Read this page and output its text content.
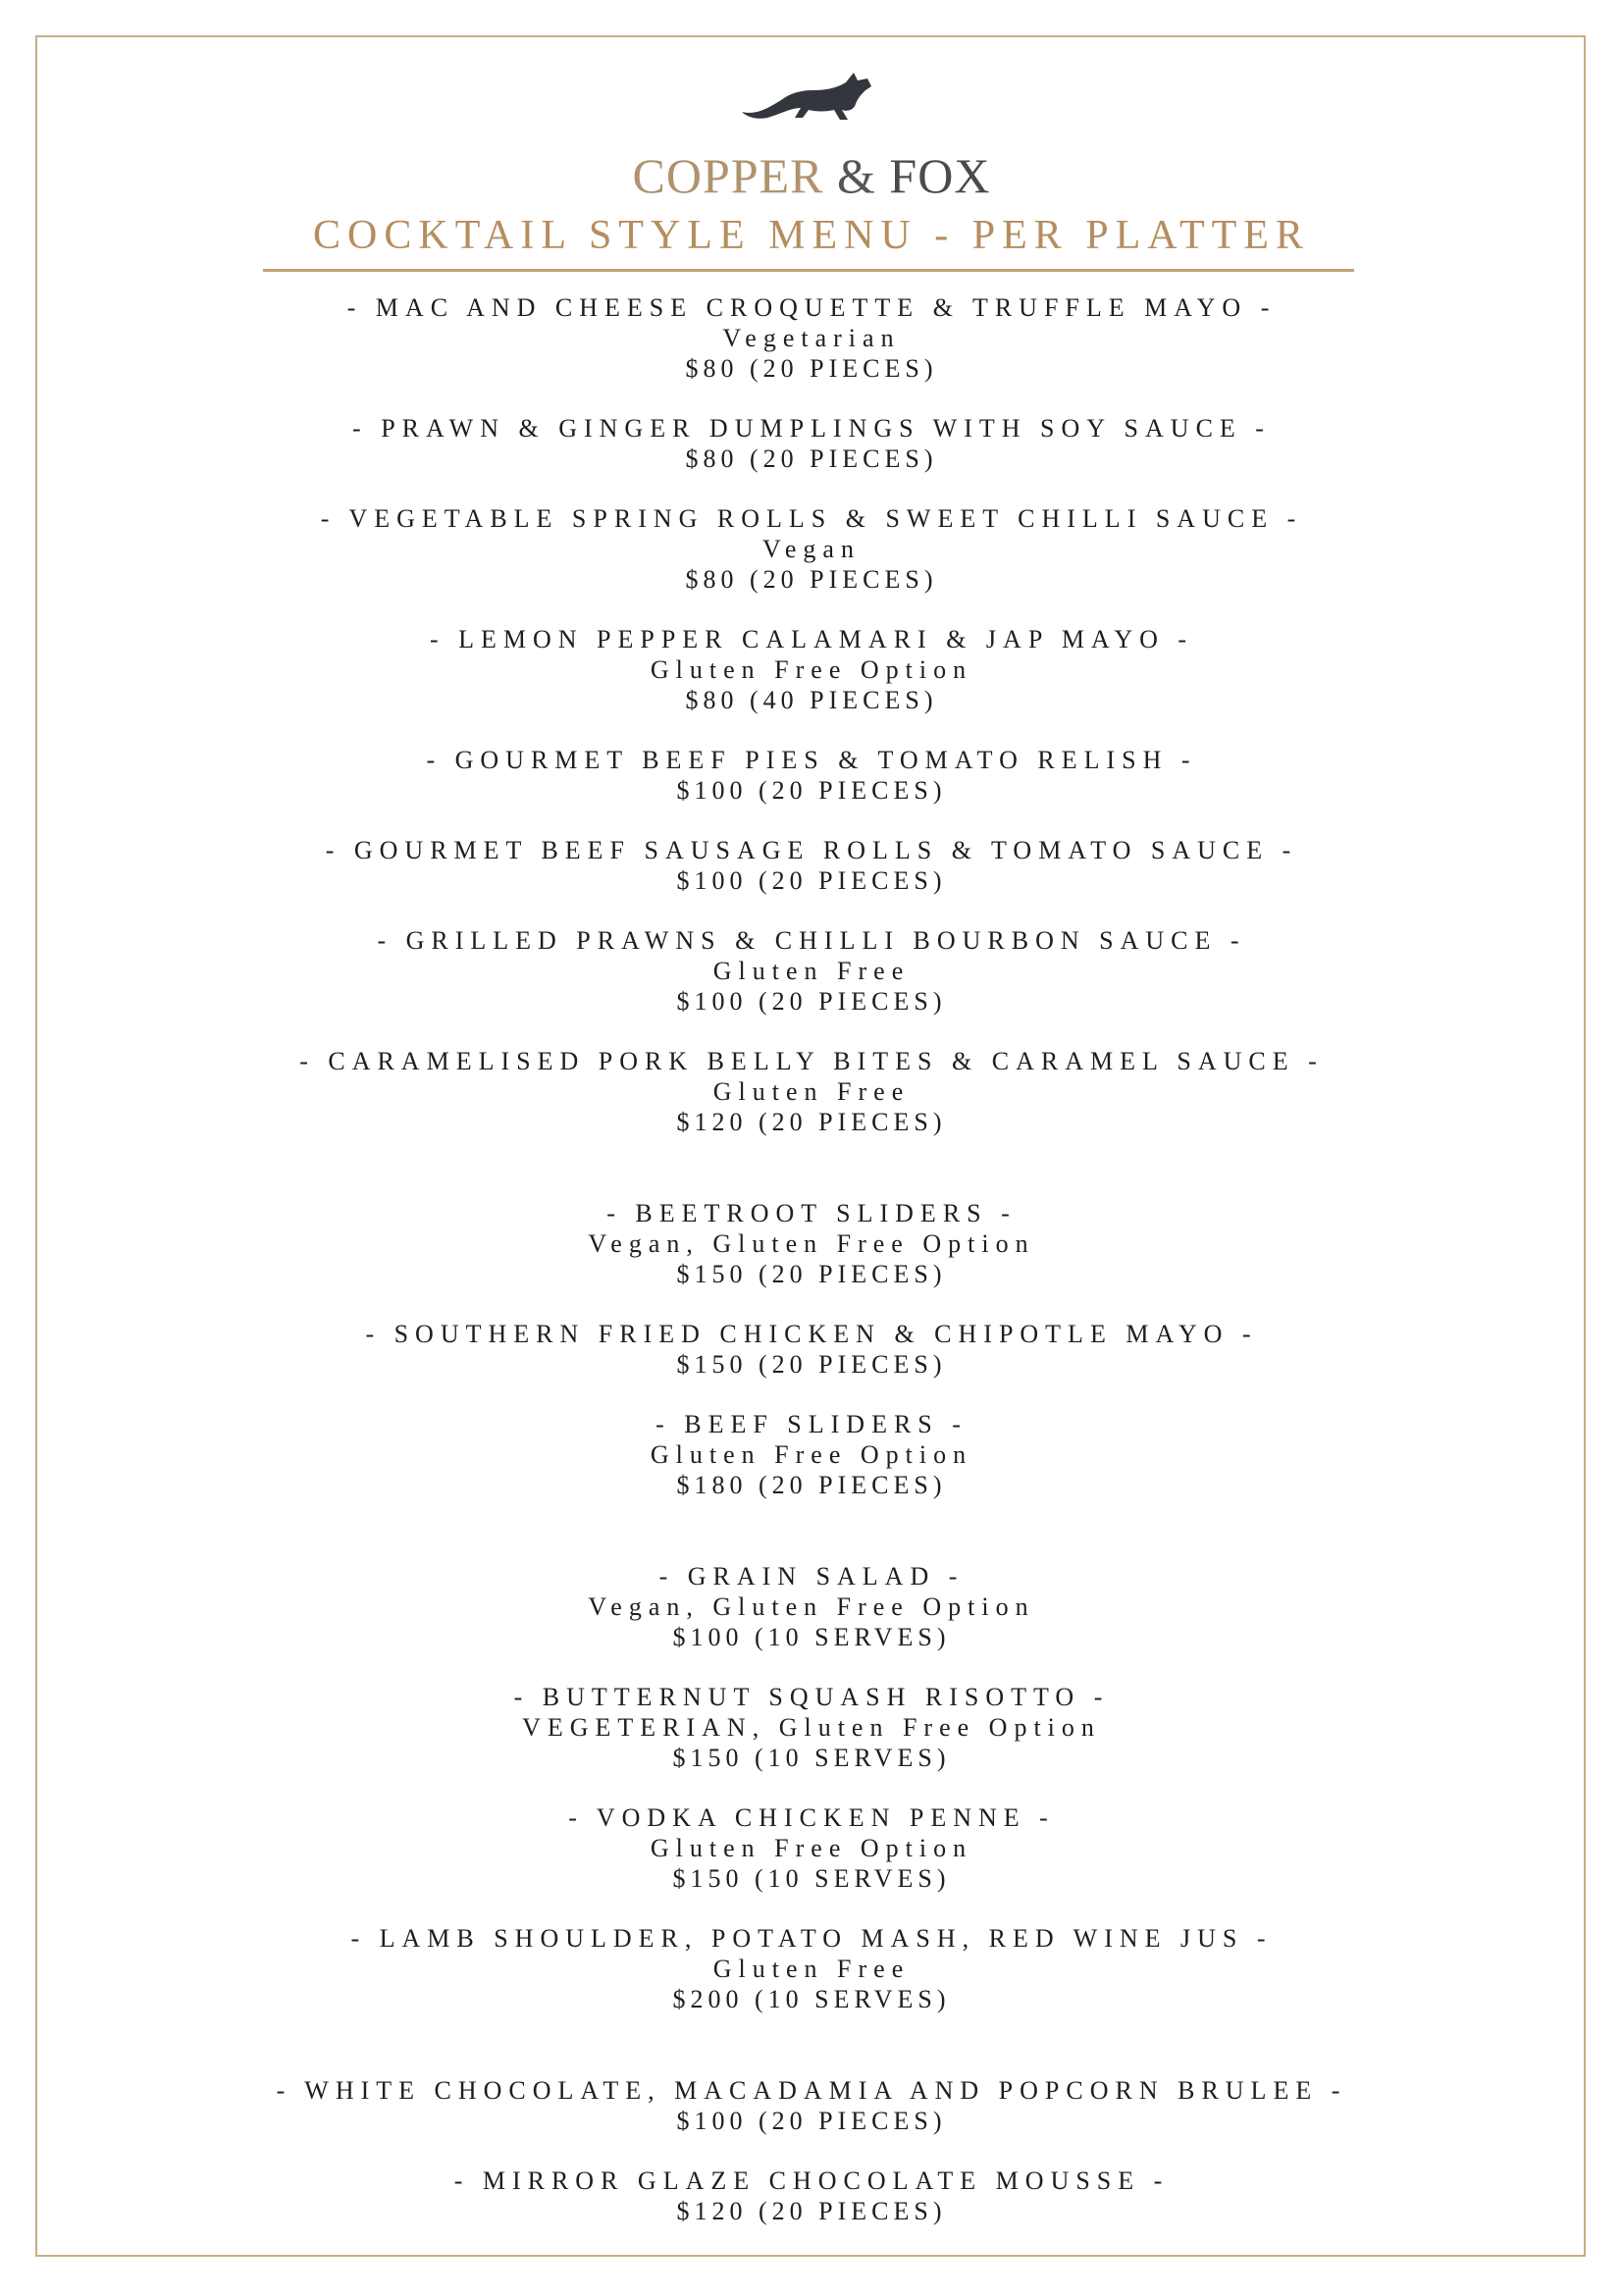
COPPER & FOX
COCKTAIL STYLE MENU - PER PLATTER

- MAC AND CHEESE CROQUETTE & TRUFFLE MAYO -

Vegetarian

$80 (20 PIECES)

- PRAWN & GINGER DUMPLINGS WITH SOY SAUCE -

$80 (20 PIECES)

- VEGETABLE SPRING ROLLS & SWEET CHILLI SAUCE -

Vegan

$80 (20 PIECES)

- LEMON PEPPER CALAMARI & JAP MAYO -

Gluten Free Option

$80 (40 PIECES)

- GOURMET BEEF PIES & TOMATO RELISH -

$100 (20 PIECES)

- GOURMET BEEF SAUSAGE ROLLS & TOMATO SAUCE -

$100 (20 PIECES)

- GRILLED PRAWNS & CHILLI BOURBON SAUCE -

Gluten Free

$100 (20 PIECES)

- CARAMELISED PORK BELLY BITES & CARAMEL SAUCE -

Gluten Free

$120 (20 PIECES)

- BEETROOT SLIDERS -

Vegan, Gluten Free Option

$150 (20 PIECES)

- SOUTHERN FRIED CHICKEN & CHIPOTLE MAYO -

$150 (20 PIECES)

- BEEF SLIDERS -

Gluten Free Option

$180 (20 PIECES)

- GRAIN SALAD -

Vegan, Gluten Free Option

$100 (10 SERVES)

- BUTTERNUT SQUASH RISOTTO -

VEGETERIAN, Gluten Free Option

$150 (10 SERVES)

- VODKA CHICKEN PENNE -

Gluten Free Option

$150 (10 SERVES)

- LAMB SHOULDER, POTATO MASH, RED WINE JUS -

Gluten Free

$200 (10 SERVES)

- WHITE CHOCOLATE, MACADAMIA AND POPCORN BRULEE -

$100 (20 PIECES)

- MIRROR GLAZE CHOCOLATE MOUSSE -

$120 (20 PIECES)
